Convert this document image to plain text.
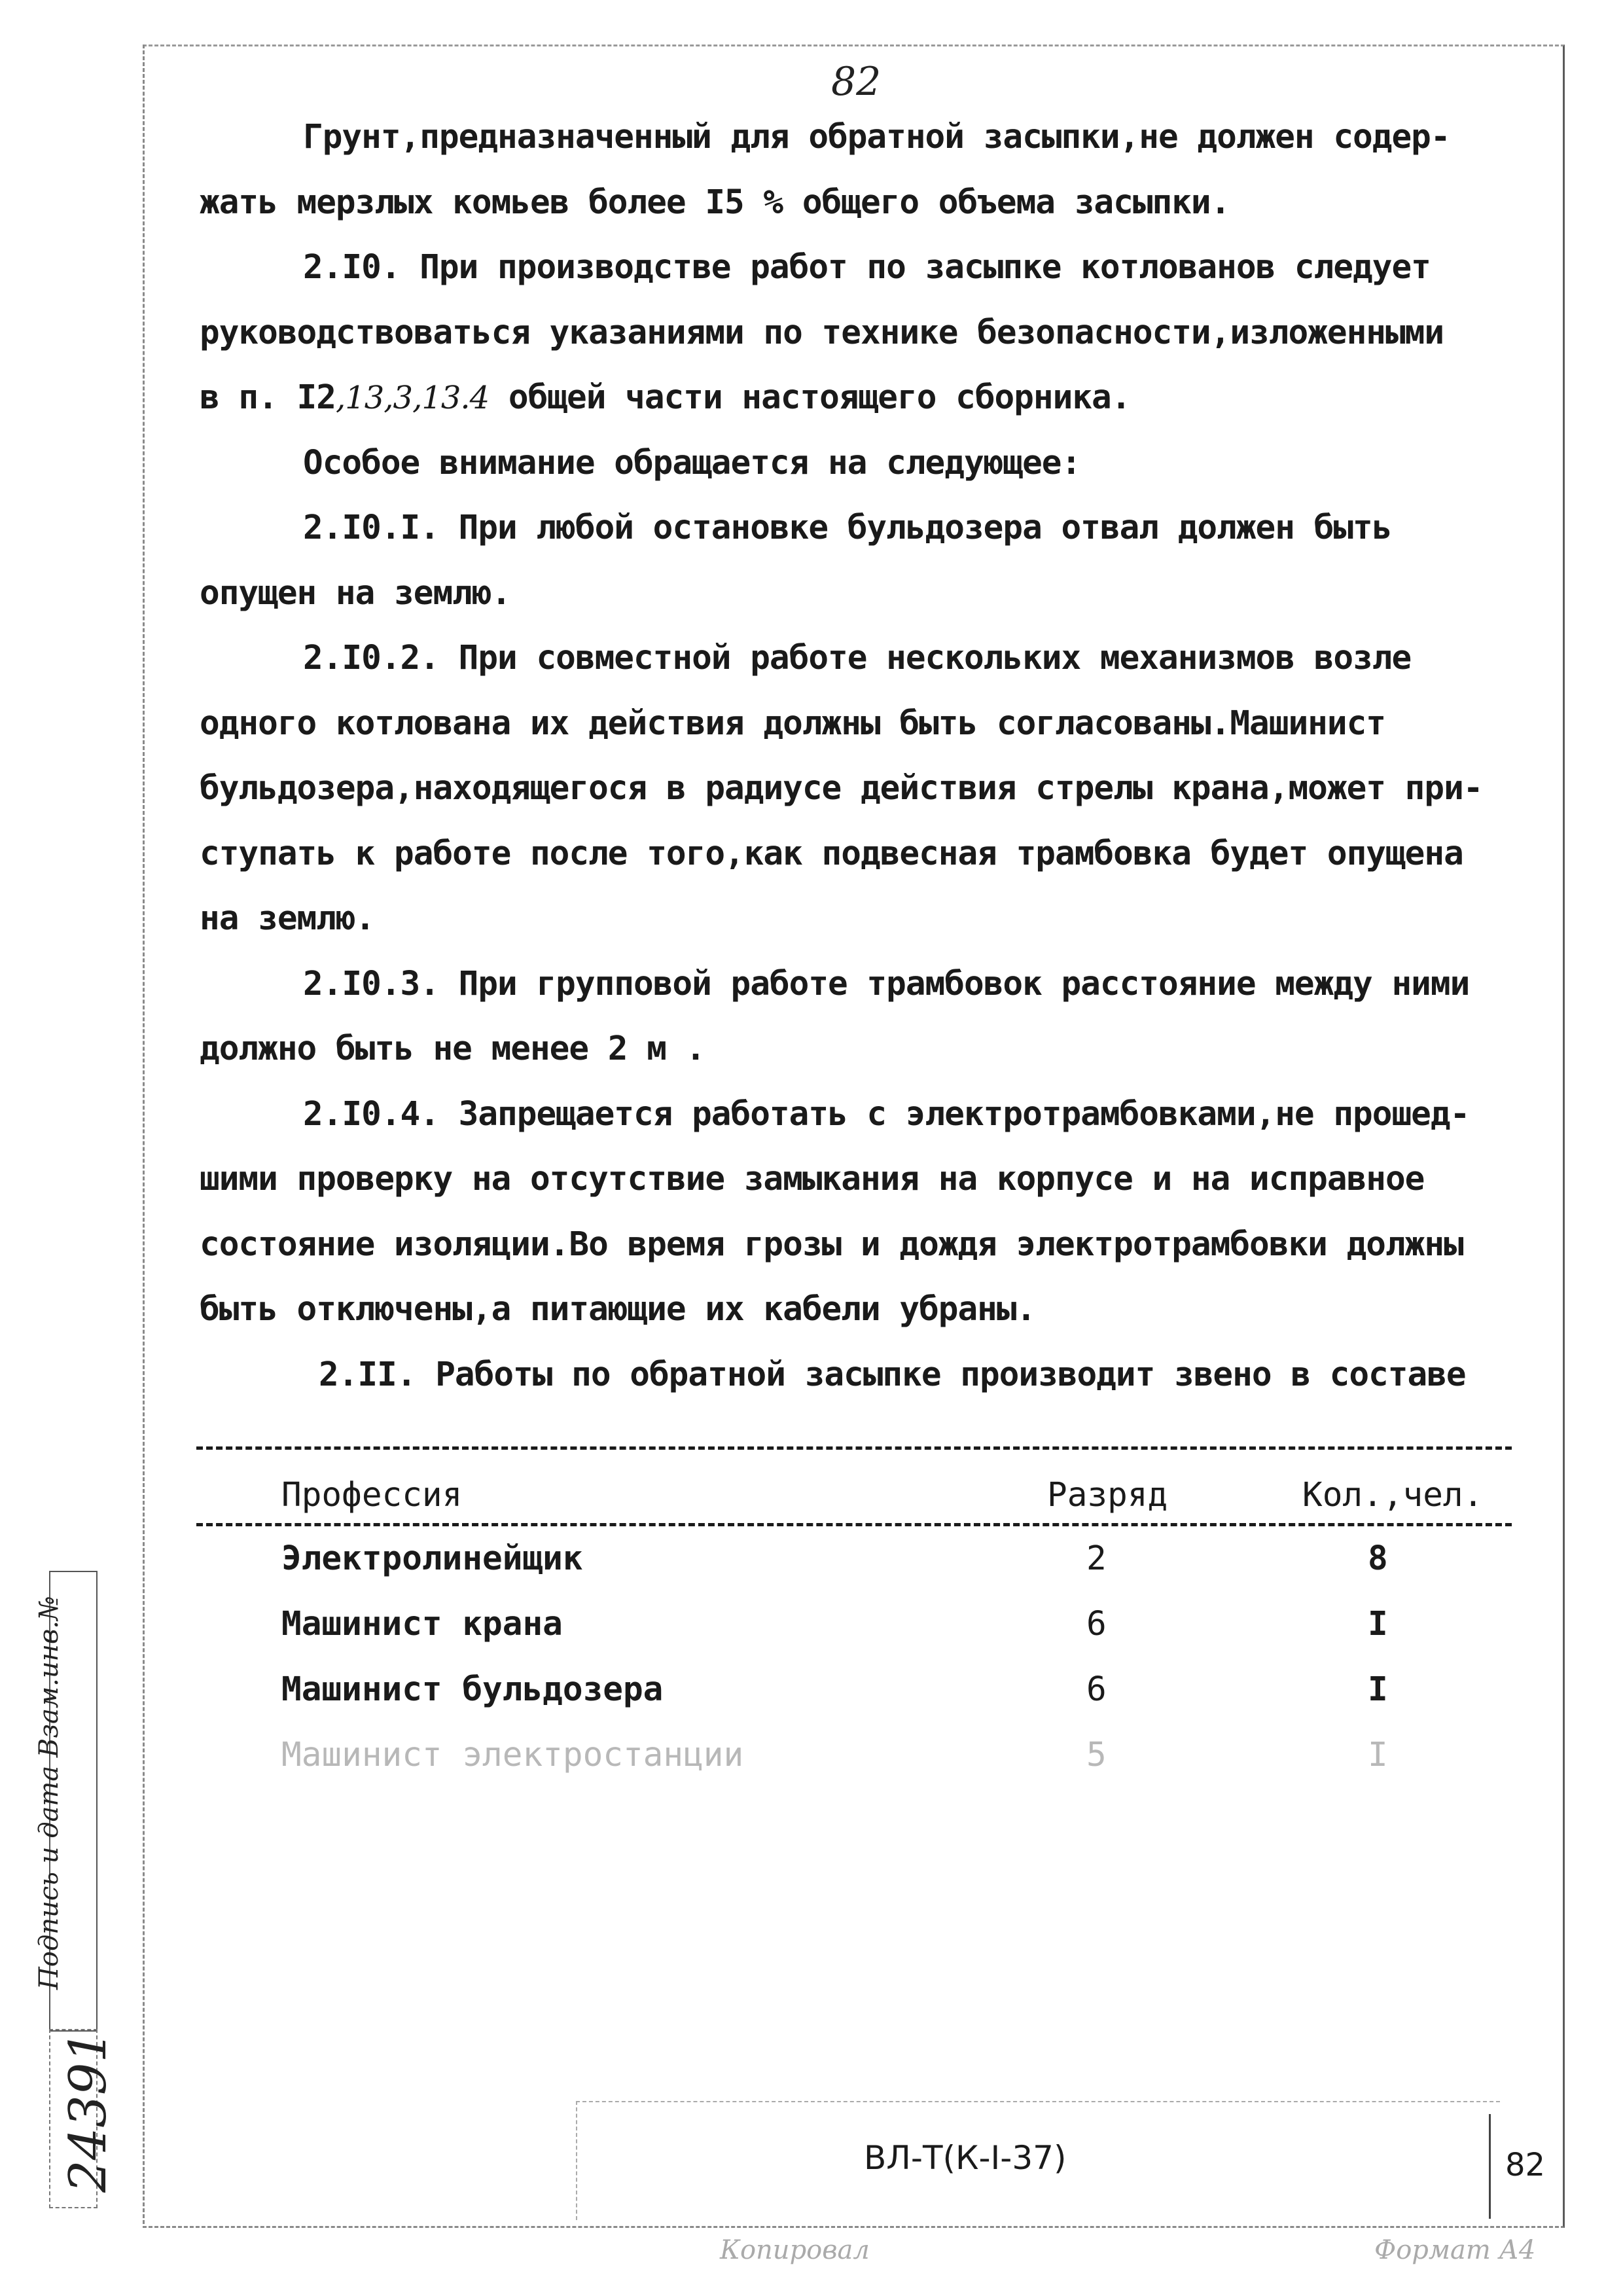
82
Грунт,предназначенный для обратной засыпки,не должен содер-
жать мерзлых комьев более I5 % общего объема засыпки.
2.I0. При производстве работ по засыпке котлованов следует
руководствоваться указаниями по технике безопасности,изложенными
в п. I2,13,3,13.4 общей части настоящего сборника.
Особое внимание обращается на следующее:
2.I0.I. При любой остановке бульдозера отвал должен быть
опущен на землю.
2.I0.2. При совместной работе нескольких механизмов возле
одного котлована их действия должны быть согласованы.Машинист
бульдозера,находящегося в радиусе действия стрелы крана,может при-
ступать к работе после того,как подвесная трамбовка будет опущена
на землю.
2.I0.3. При групповой работе трамбовок расстояние между ними
должно быть не менее 2 м .
2.I0.4. Запрещается работать с электротрамбовками,не прошед-
шими проверку на отсутствие замыкания на корпусе и на исправное
состояние изоляции.Во время грозы и дождя электротрамбовки должны
быть отключены,а питающие их кабели убраны.
2.II. Работы по обратной засыпке производит звено в составе
Профессия	Разряд	Кол.,чел.
Электролинейщик	2	8
Машинист крана	6	I
Машинист бульдозера	6	I
Машинист электростанции	5	I
ВЛ-Т(К-I-37)	82
Копировал	Формат А4
Подпись и дата Взам.инв.№
24391
